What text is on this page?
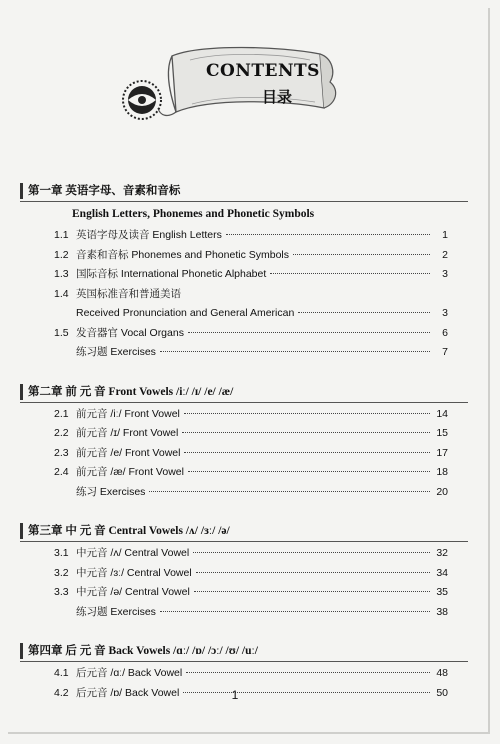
CONTENTS
目录
第一章 英语字母、音素和音标
English Letters, Phonemes and Phonetic Symbols
1.1 英语字母及读音 English Letters	1
1.2 音素和音标 Phonemes and Phonetic Symbols	2
1.3 国际音标 International Phonetic Alphabet	3
1.4 英国标准音和普通美语
Received Pronunciation and General American	3
1.5 发音器官 Vocal Organs	6
练习题 Exercises	7
第二章 前 元 音 Front Vowels /iː/ /ɪ/ /e/ /æ/
2.1 前元音 /iː/ Front Vowel	14
2.2 前元音 /ɪ/ Front Vowel	15
2.3 前元音 /e/ Front Vowel	17
2.4 前元音 /æ/ Front Vowel	18
练习 Exercises	20
第三章 中 元 音 Central Vowels /ʌ/ /ɜː/ /ə/
3.1 中元音 /ʌ/ Central Vowel	32
3.2 中元音 /ɜː/ Central Vowel	34
3.3 中元音 /ə/ Central Vowel	35
练习题 Exercises	38
第四章 后 元 音 Back Vowels /ɑː/ /ɒ/ /ɔː/ /ʊ/ /uː/
4.1 后元音 /ɑː/ Back Vowel	48
4.2 后元音 /ɒ/ Back Vowel	50
1
